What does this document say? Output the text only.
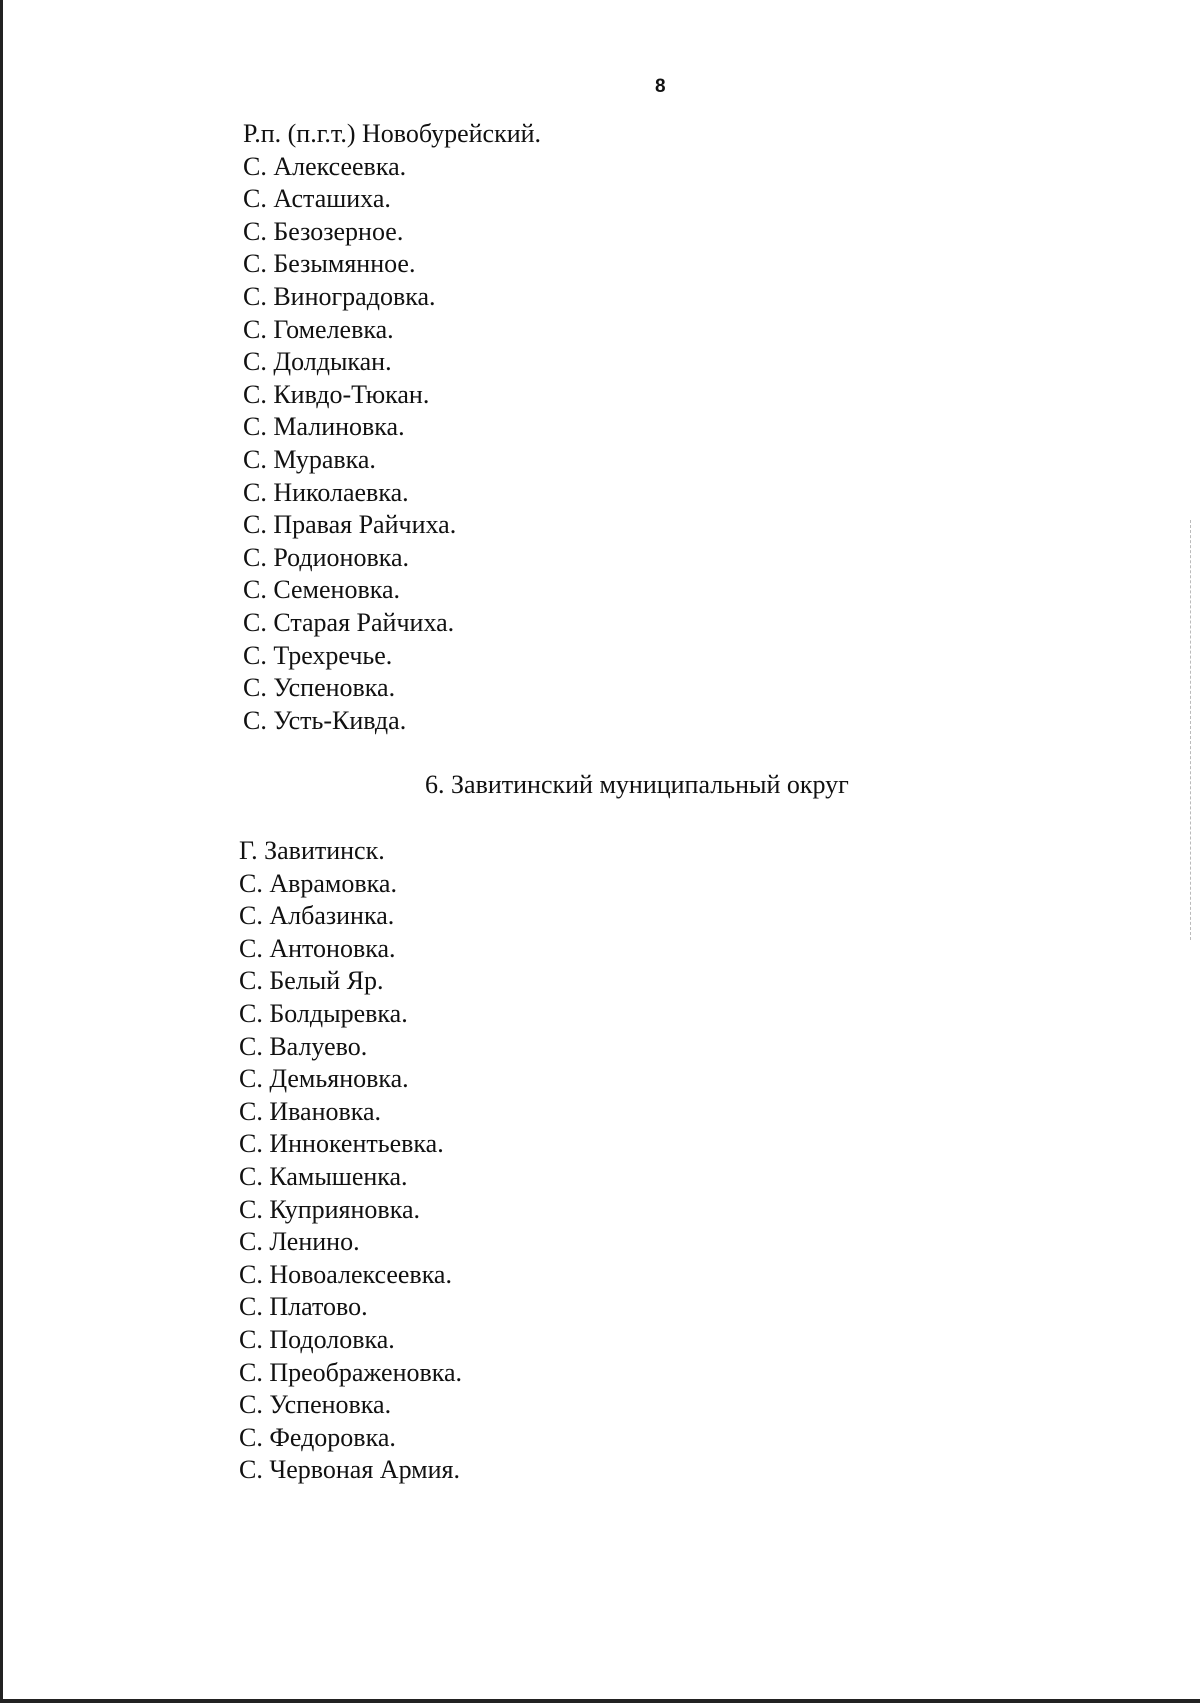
8
Р.п. (п.г.т.) Новобурейский.
С. Алексеевка.
С. Асташиха.
С. Безозерное.
С. Безымянное.
С. Виноградовка.
С. Гомелевка.
С. Долдыкан.
С. Кивдо-Тюкан.
С. Малиновка.
С. Муравка.
С. Николаевка.
С. Правая Райчиха.
С. Родионовка.
С. Семеновка.
С. Старая Райчиха.
С. Трехречье.
С. Успеновка.
С. Усть-Кивда.
6. Завитинский муниципальный округ
Г. Завитинск.
С. Аврамовка.
С. Албазинка.
С. Антоновка.
С. Белый Яр.
С. Болдыревка.
С. Валуево.
С. Демьяновка.
С. Ивановка.
С. Иннокентьевка.
С. Камышенка.
С. Куприяновка.
С. Ленино.
С. Новоалексеевка.
С. Платово.
С. Подоловка.
С. Преображеновка.
С. Успеновка.
С. Федоровка.
С. Червоная Армия.
